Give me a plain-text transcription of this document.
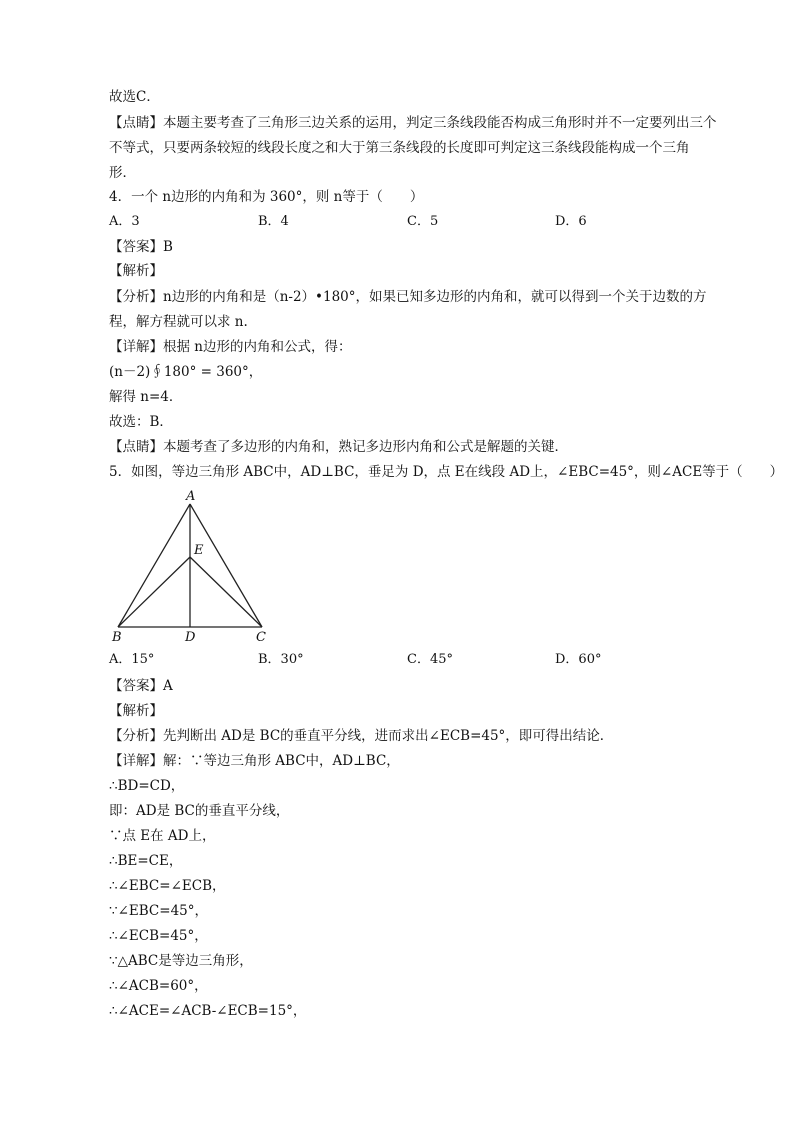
故选C．
【点睛】本题主要考查了三角形三边关系的运用，判定三条线段能否构成三角形时并不一定要列出三个
不等式，只要两条较短的线段长度之和大于第三条线段的长度即可判定这三条线段能构成一个三角
形．
4．一个 n边形的内角和为 360°，则 n等于（　　）
A．3	B．4	C．5	D．6
【答案】B
【解析】
【分析】n边形的内角和是（n-2）•180°，如果已知多边形的内角和，就可以得到一个关于边数的方
程，解方程就可以求 n.
【详解】根据 n边形的内角和公式，得：
(n－2)∮180° = 360°，
解得 n=4．
故选：B．
【点睛】本题考查了多边形的内角和，熟记多边形内角和公式是解题的关键．
5．如图，等边三角形 ABC中，AD⊥BC，垂足为 D，点 E在线段 AD上，∠EBC=45°，则∠ACE等于（　　）
A
E
B	D	C
A．15°	B．30°	C．45°	D．60°
【答案】A
【解析】
【分析】先判断出 AD是 BC的垂直平分线，进而求出∠ECB=45°，即可得出结论．
【详解】解：∵等边三角形 ABC中，AD⊥BC，
∴BD=CD，
即：AD是 BC的垂直平分线，
∵点 E在 AD上，
∴BE=CE，
∴∠EBC=∠ECB，
∵∠EBC=45°，
∴∠ECB=45°，
∵△ABC是等边三角形，
∴∠ACB=60°，
∴∠ACE=∠ACB-∠ECB=15°，
